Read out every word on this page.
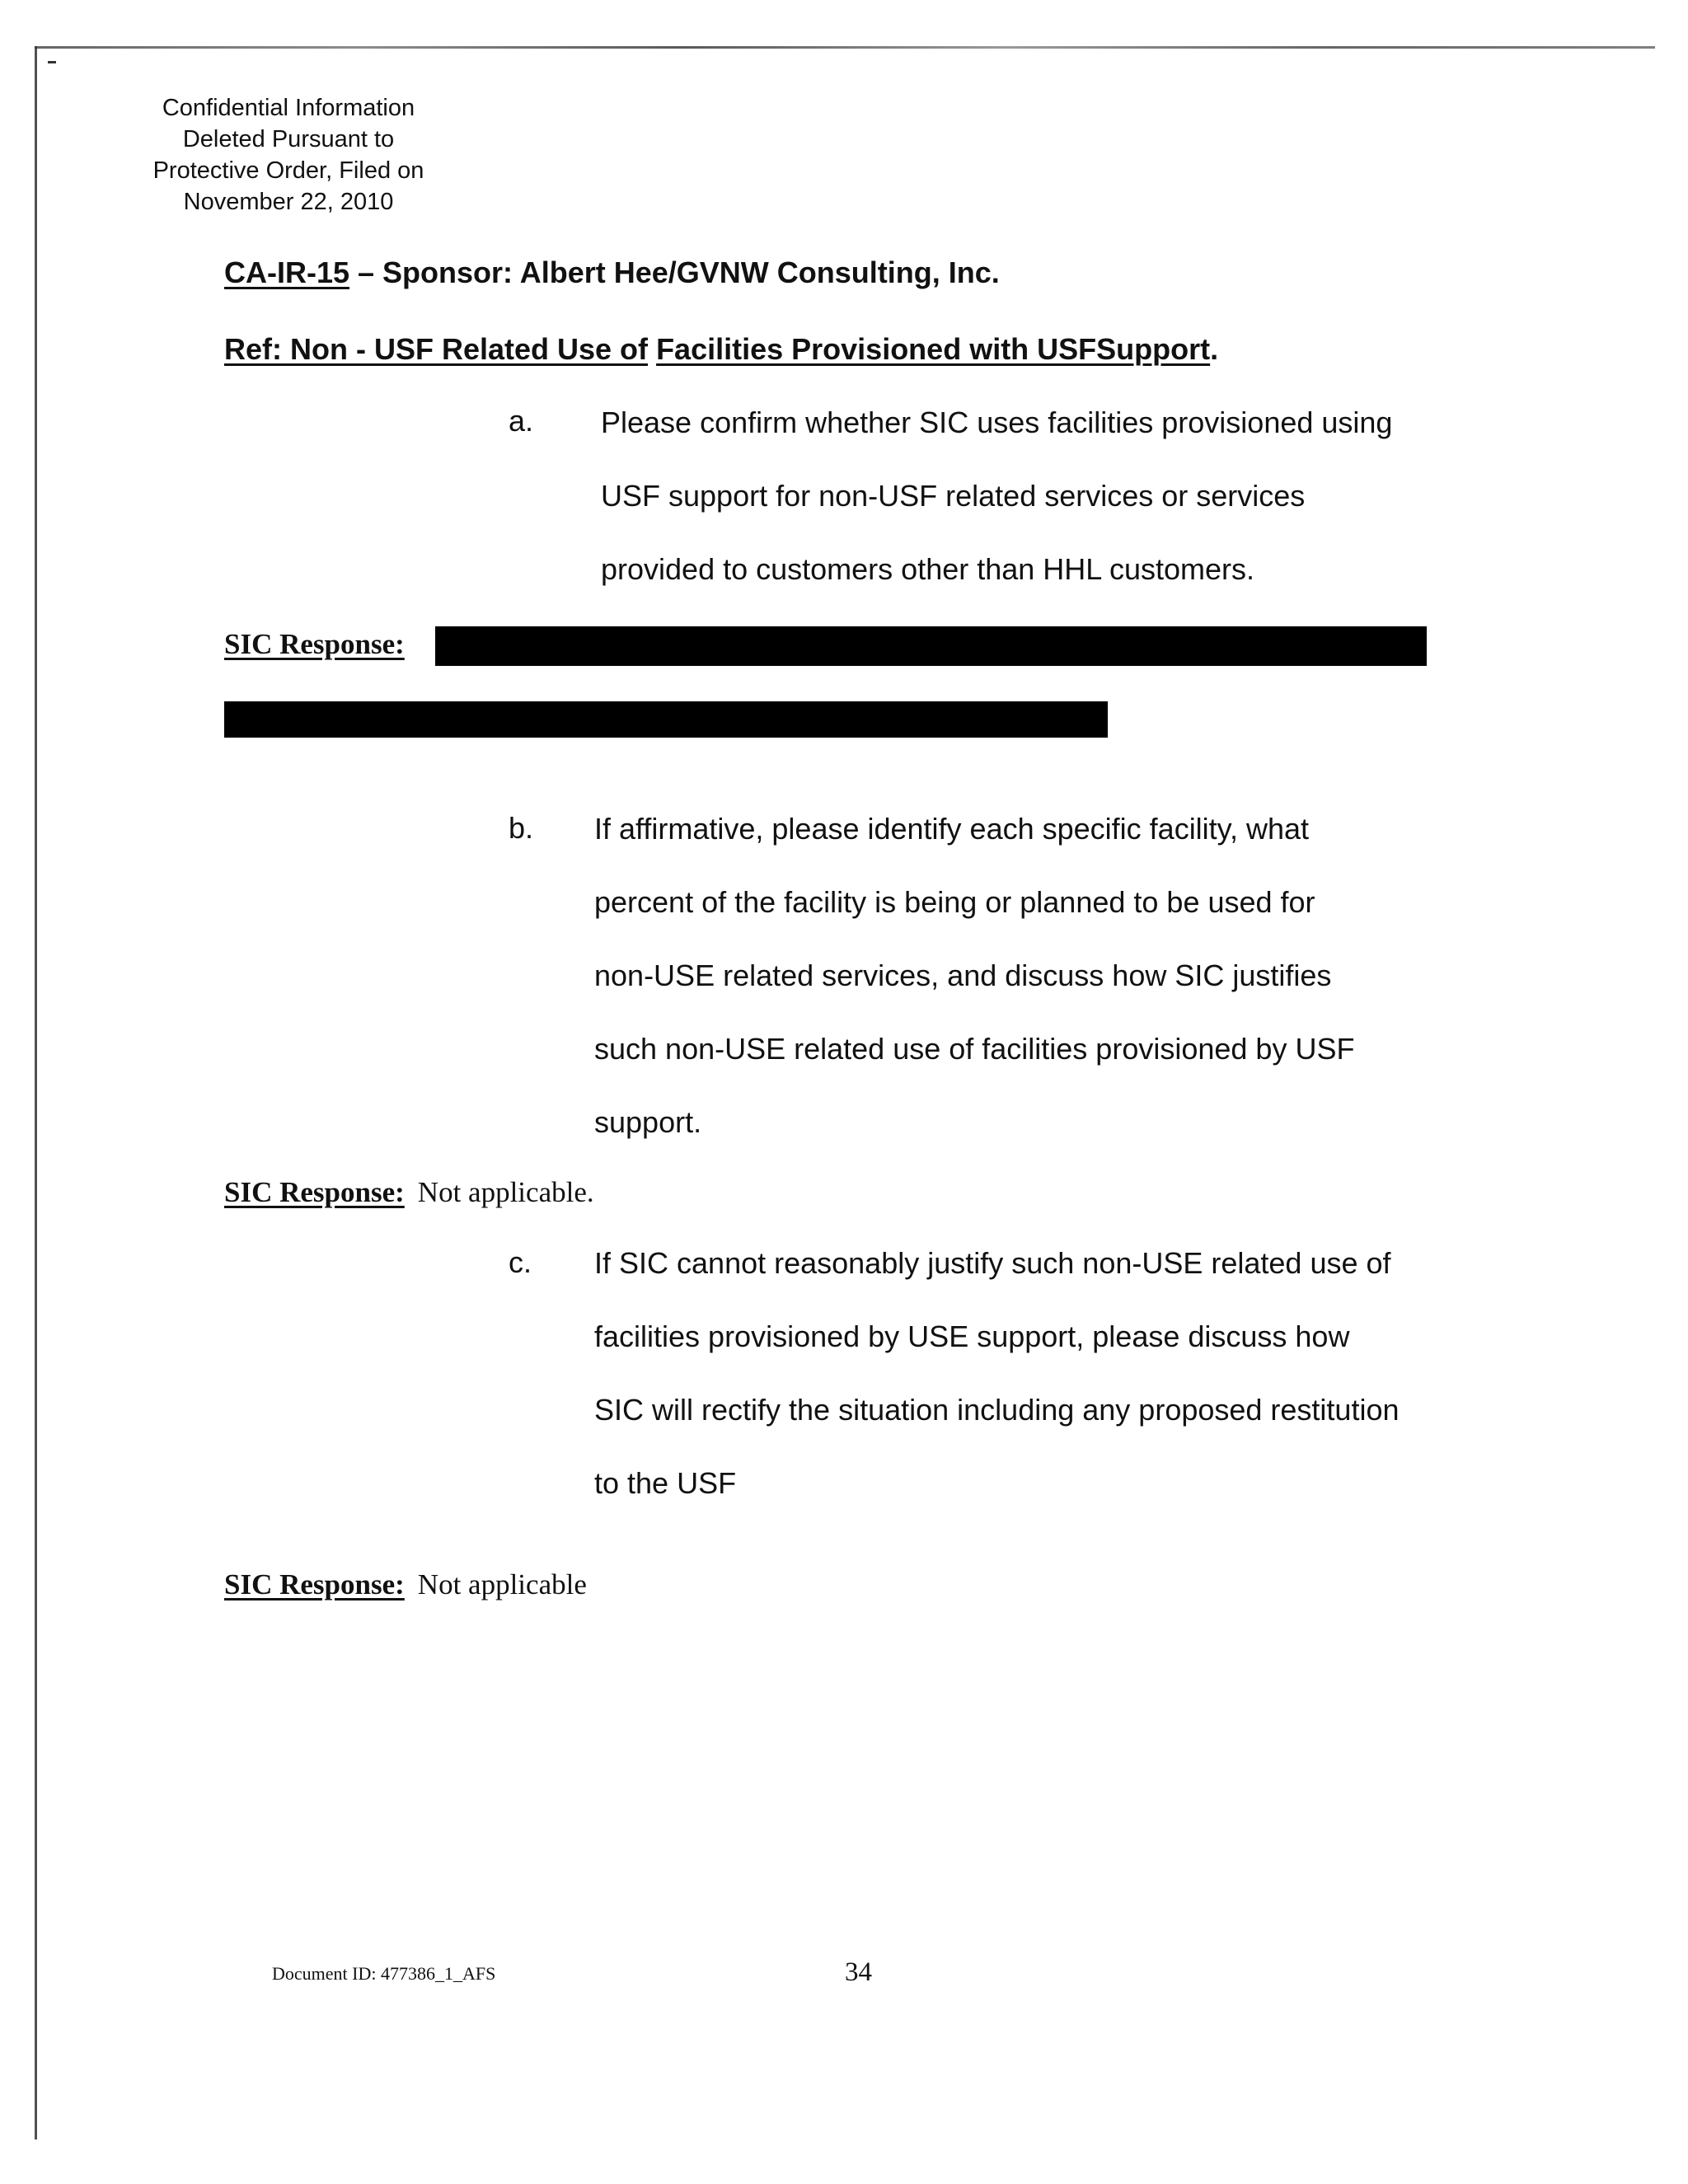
Confidential Information
Deleted Pursuant to
Protective Order, Filed on
November 22, 2010
CA-IR-15 – Sponsor: Albert Hee/GVNW Consulting, Inc.
Ref: Non - USF Related Use of Facilities Provisioned with USFSupport.
a. Please confirm whether SIC uses facilities provisioned using
USF support for non-USF related services or services
provided to customers other than HHL customers.
SIC Response:
b. If affirmative, please identify each specific facility, what
percent of the facility is being or planned to be used for
non-USE related services, and discuss how SIC justifies
such non-USE related use of facilities provisioned by USF
support.
SIC Response: Not applicable.
c. If SIC cannot reasonably justify such non-USE related use of
facilities provisioned by USE support, please discuss how
SIC will rectify the situation including any proposed restitution
to the USF
SIC Response: Not applicable
Document ID: 477386_1_AFS	34
